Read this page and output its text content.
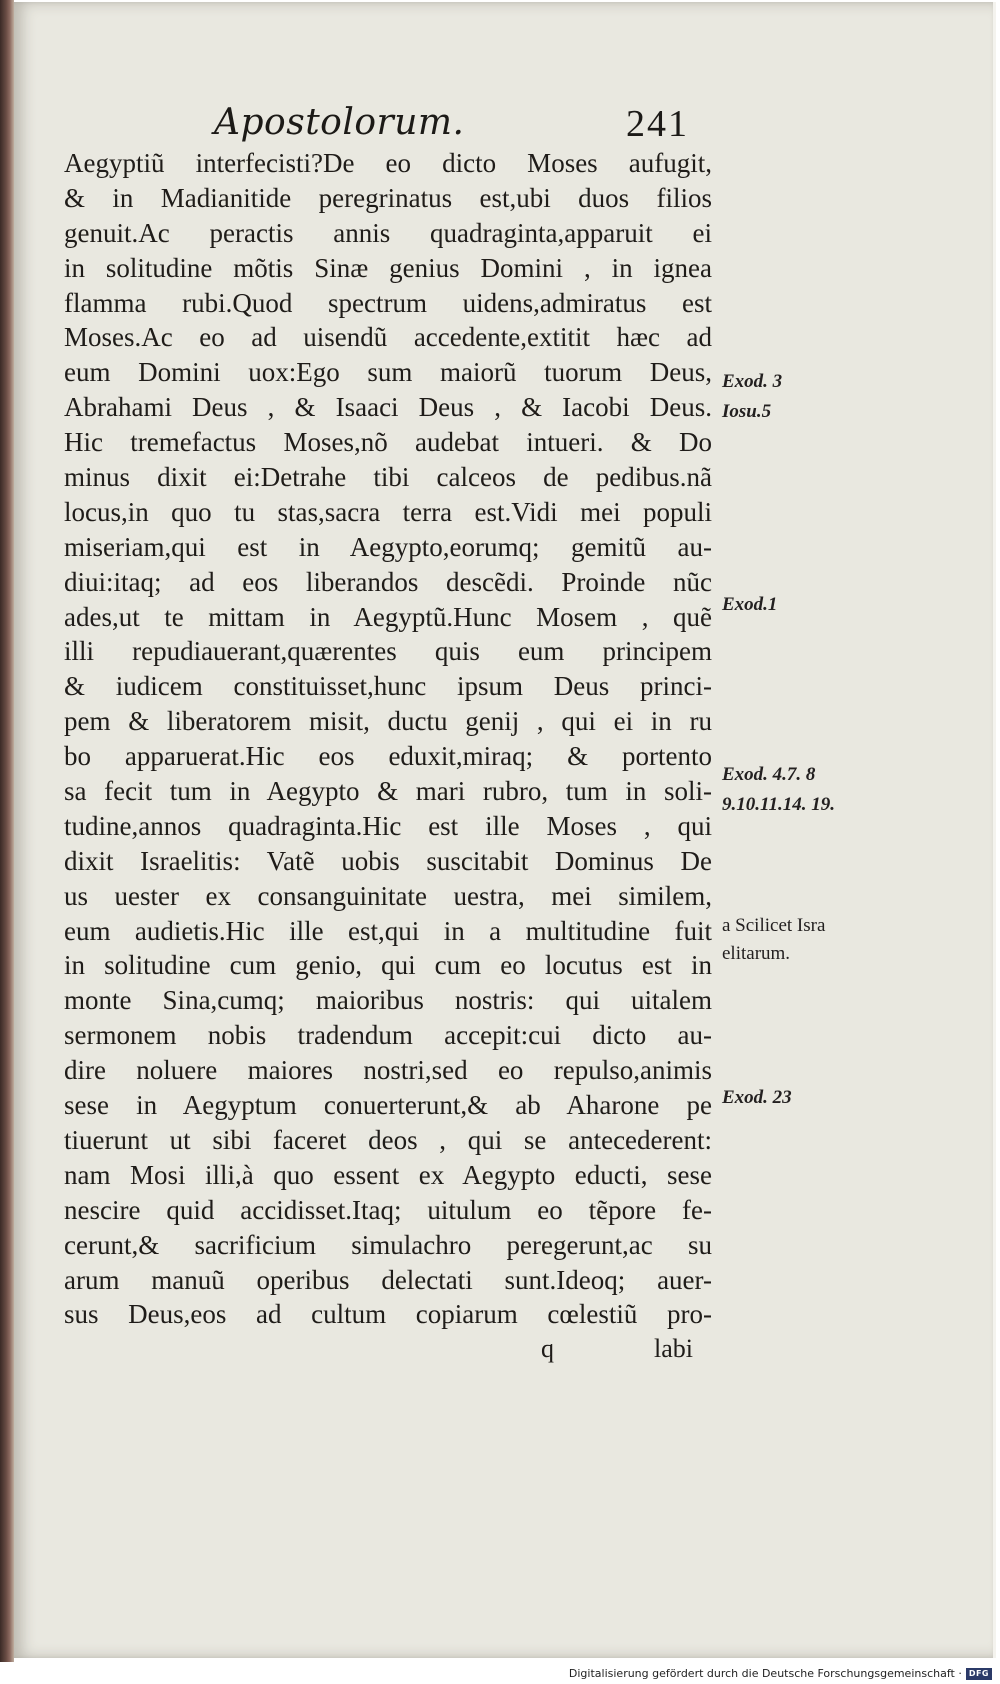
Apostolorum.	241
Aegyptiũ interfecisti?De eo dicto Moses aufugit,
& in Madianitide peregrinatus est,ubi duos filios
genuit.Ac peractis annis quadraginta,apparuit ei
in solitudine mõtis Sinæ genius Domini , in ignea
flamma rubi.Quod spectrum uidens,admiratus est
Moses.Ac eo ad uisendũ accedente,extitit hæc ad
eum Domini uox:Ego sum maiorũ tuorum Deus,
Abrahami Deus , & Isaaci Deus , & Iacobi Deus.
Hic tremefactus Moses,nõ audebat intueri. & Do
minus dixit ei:Detrahe tibi calceos de pedibus.nã
locus,in quo tu stas,sacra terra est.Vidi mei populi
miseriam,qui est in Aegypto,eorumq; gemitũ au-
diui:itaq; ad eos liberandos descẽdi. Proinde nũc
ades,ut te mittam in Aegyptũ.Hunc Mosem , quẽ
illi repudiauerant,quærentes quis eum principem
& iudicem constituisset,hunc ipsum Deus princi-
pem & liberatorem misit, ductu genij , qui ei in ru
bo apparuerat.Hic eos eduxit,miraq; & portento
sa fecit tum in Aegypto & mari rubro, tum in soli-
tudine,annos quadraginta.Hic est ille Moses , qui
dixit Israelitis: Vatẽ uobis suscitabit Dominus De
us uester ex consanguinitate uestra, mei similem,
eum audietis.Hic ille est,qui in a multitudine fuit
in solitudine cum genio, qui cum eo locutus est in
monte Sina,cumq; maioribus nostris: qui uitalem
sermonem nobis tradendum accepit:cui dicto au-
dire noluere maiores nostri,sed eo repulso,animis
sese in Aegyptum conuerterunt,& ab Aharone pe
tiuerunt ut sibi faceret deos , qui se antecederent:
nam Mosi illi,à quo essent ex Aegypto educti, sese
nescire quid accidisset.Itaq; uitulum eo tẽpore fe-
cerunt,& sacrificium simulachro peregerunt,ac su
arum manuũ operibus delectati sunt.Ideoq; auer-
sus Deus,eos ad cultum copiarum cœlestiũ pro-
Exod. 3
Iosu.5
Exod.1
Exod. 4.7. 8
9.10.11.14. 19.
a Scilicet Isra
elitarum.
Exod. 23
q	labi
Digitalisierung gefördert durch die Deutsche Forschungsgemeinschaft · DFG
